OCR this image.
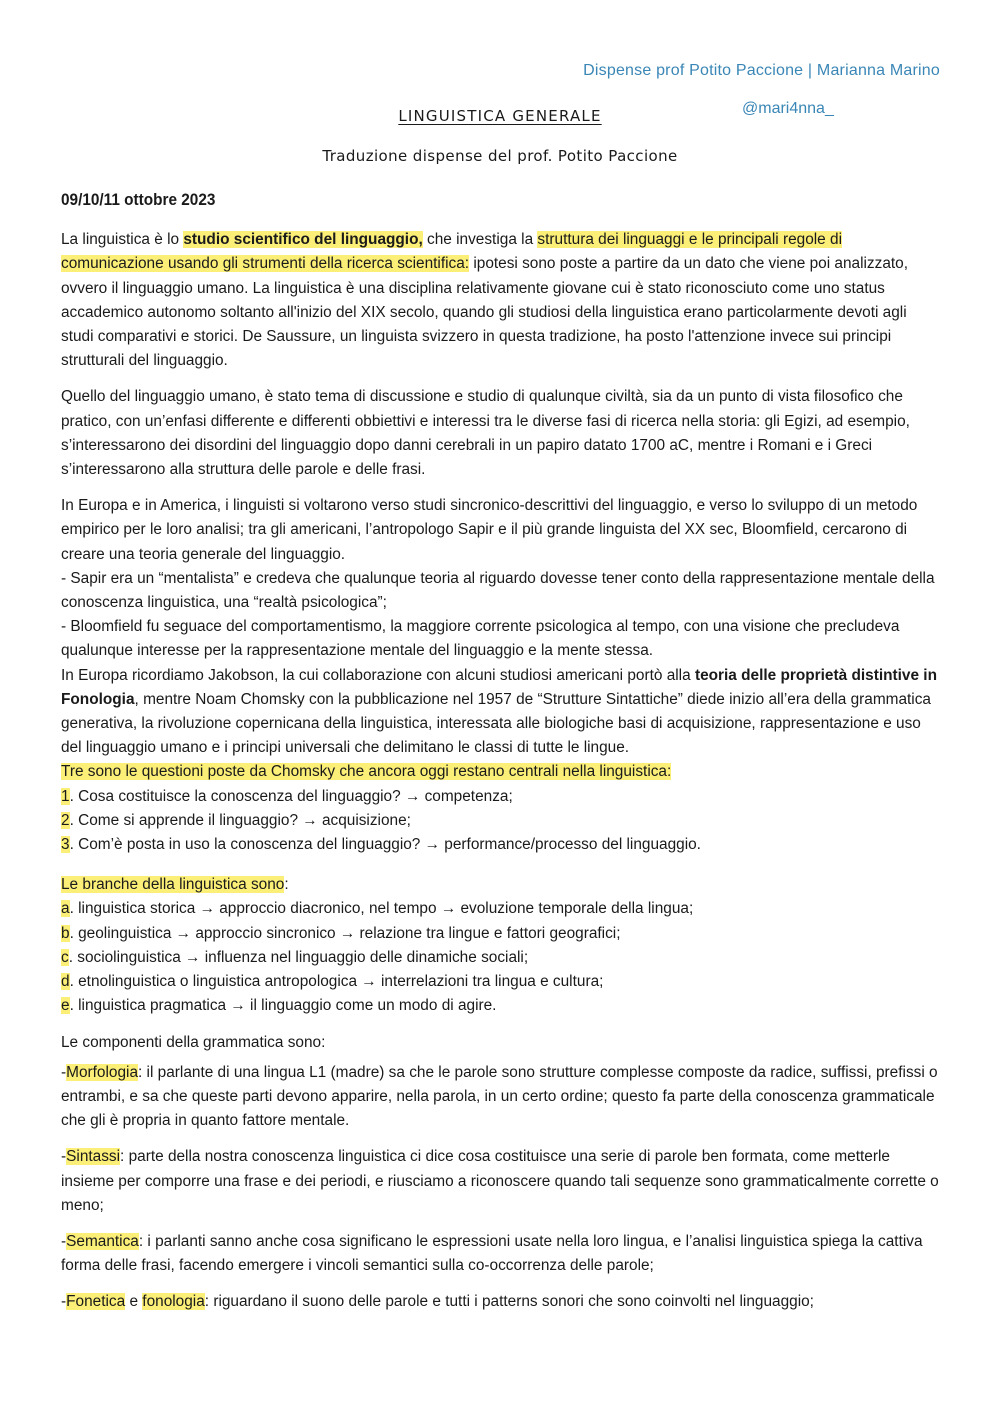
Dispense prof Potito Paccione | Marianna Marino
@mari4nna_
LINGUISTICA GENERALE
Traduzione dispense del prof. Potito Paccione
09/10/11 ottobre 2023

La linguistica è lo studio scientifico del linguaggio, che investiga la struttura dei linguaggi e le principali regole di comunicazione usando gli strumenti della ricerca scientifica: ipotesi sono poste a partire da un dato che viene poi analizzato, ovvero il linguaggio umano. La linguistica è una disciplina relativamente giovane cui è stato riconosciuto come uno status accademico autonomo soltanto all'inizio del XIX secolo, quando gli studiosi della linguistica erano particolarmente devoti agli studi comparativi e storici. De Saussure, un linguista svizzero in questa tradizione, ha posto l'attenzione invece sui principi strutturali del linguaggio.

Quello del linguaggio umano, è stato tema di discussione e studio di qualunque civiltà, sia da un punto di vista filosofico che pratico, con un’enfasi differente e differenti obbiettivi e interessi tra le diverse fasi di ricerca nella storia: gli Egizi, ad esempio, s’interessarono dei disordini del linguaggio dopo danni cerebrali in un papiro datato 1700 aC, mentre i Romani e i Greci s’interessarono alla struttura delle parole e delle frasi.

In Europa e in America, i linguisti si voltarono verso studi sincronico-descrittivi del linguaggio, e verso lo sviluppo di un metodo empirico per le loro analisi; tra gli americani, l’antropologo Sapir e il più grande linguista del XX sec, Bloomfield, cercarono di creare una teoria generale del linguaggio.
- Sapir era un “mentalista” e credeva che qualunque teoria al riguardo dovesse tener conto della rappresentazione mentale della conoscenza linguistica, una “realtà psicologica”;
- Bloomfield fu seguace del comportamentismo, la maggiore corrente psicologica al tempo, con una visione che precludeva qualunque interesse per la rappresentazione mentale del linguaggio e la mente stessa.
In Europa ricordiamo Jakobson, la cui collaborazione con alcuni studiosi americani portò alla teoria delle proprietà distintive in Fonologia, mentre Noam Chomsky con la pubblicazione nel 1957 de “Strutture Sintattiche” diede inizio all’era della grammatica generativa, la rivoluzione copernicana della linguistica, interessata alle biologiche basi di acquisizione, rappresentazione e uso del linguaggio umano e i principi universali che delimitano le classi di tutte le lingue.
Tre sono le questioni poste da Chomsky che ancora oggi restano centrali nella linguistica:
1. Cosa costituisce la conoscenza del linguaggio? → competenza;
2. Come si apprende il linguaggio? → acquisizione;
3. Com’è posta in uso la conoscenza del linguaggio? → performance/processo del linguaggio.

Le branche della linguistica sono:
a. linguistica storica → approccio diacronico, nel tempo → evoluzione temporale della lingua;
b. geolinguistica → approccio sincronico → relazione tra lingue e fattori geografici;
c. sociolinguistica → influenza nel linguaggio delle dinamiche sociali;
d. etnolinguistica o linguistica antropologica → interrelazioni tra lingua e cultura;
e. linguistica pragmatica → il linguaggio come un modo di agire.

Le componenti della grammatica sono:

-Morfologia: il parlante di una lingua L1 (madre) sa che le parole sono strutture complesse composte da radice, suffissi, prefissi o entrambi, e sa che queste parti devono apparire, nella parola, in un certo ordine; questo fa parte della conoscenza grammaticale che gli è propria in quanto fattore mentale.

-Sintassi: parte della nostra conoscenza linguistica ci dice cosa costituisce una serie di parole ben formata, come metterle insieme per comporre una frase e dei periodi, e riusciamo a riconoscere quando tali sequenze sono grammaticalmente corrette o meno;

-Semantica: i parlanti sanno anche cosa significano le espressioni usate nella loro lingua, e l’analisi linguistica spiega la cattiva forma delle frasi, facendo emergere i vincoli semantici sulla co-occorrenza delle parole;

-Fonetica e fonologia: riguardano il suono delle parole e tutti i patterns sonori che sono coinvolti nel linguaggio;
